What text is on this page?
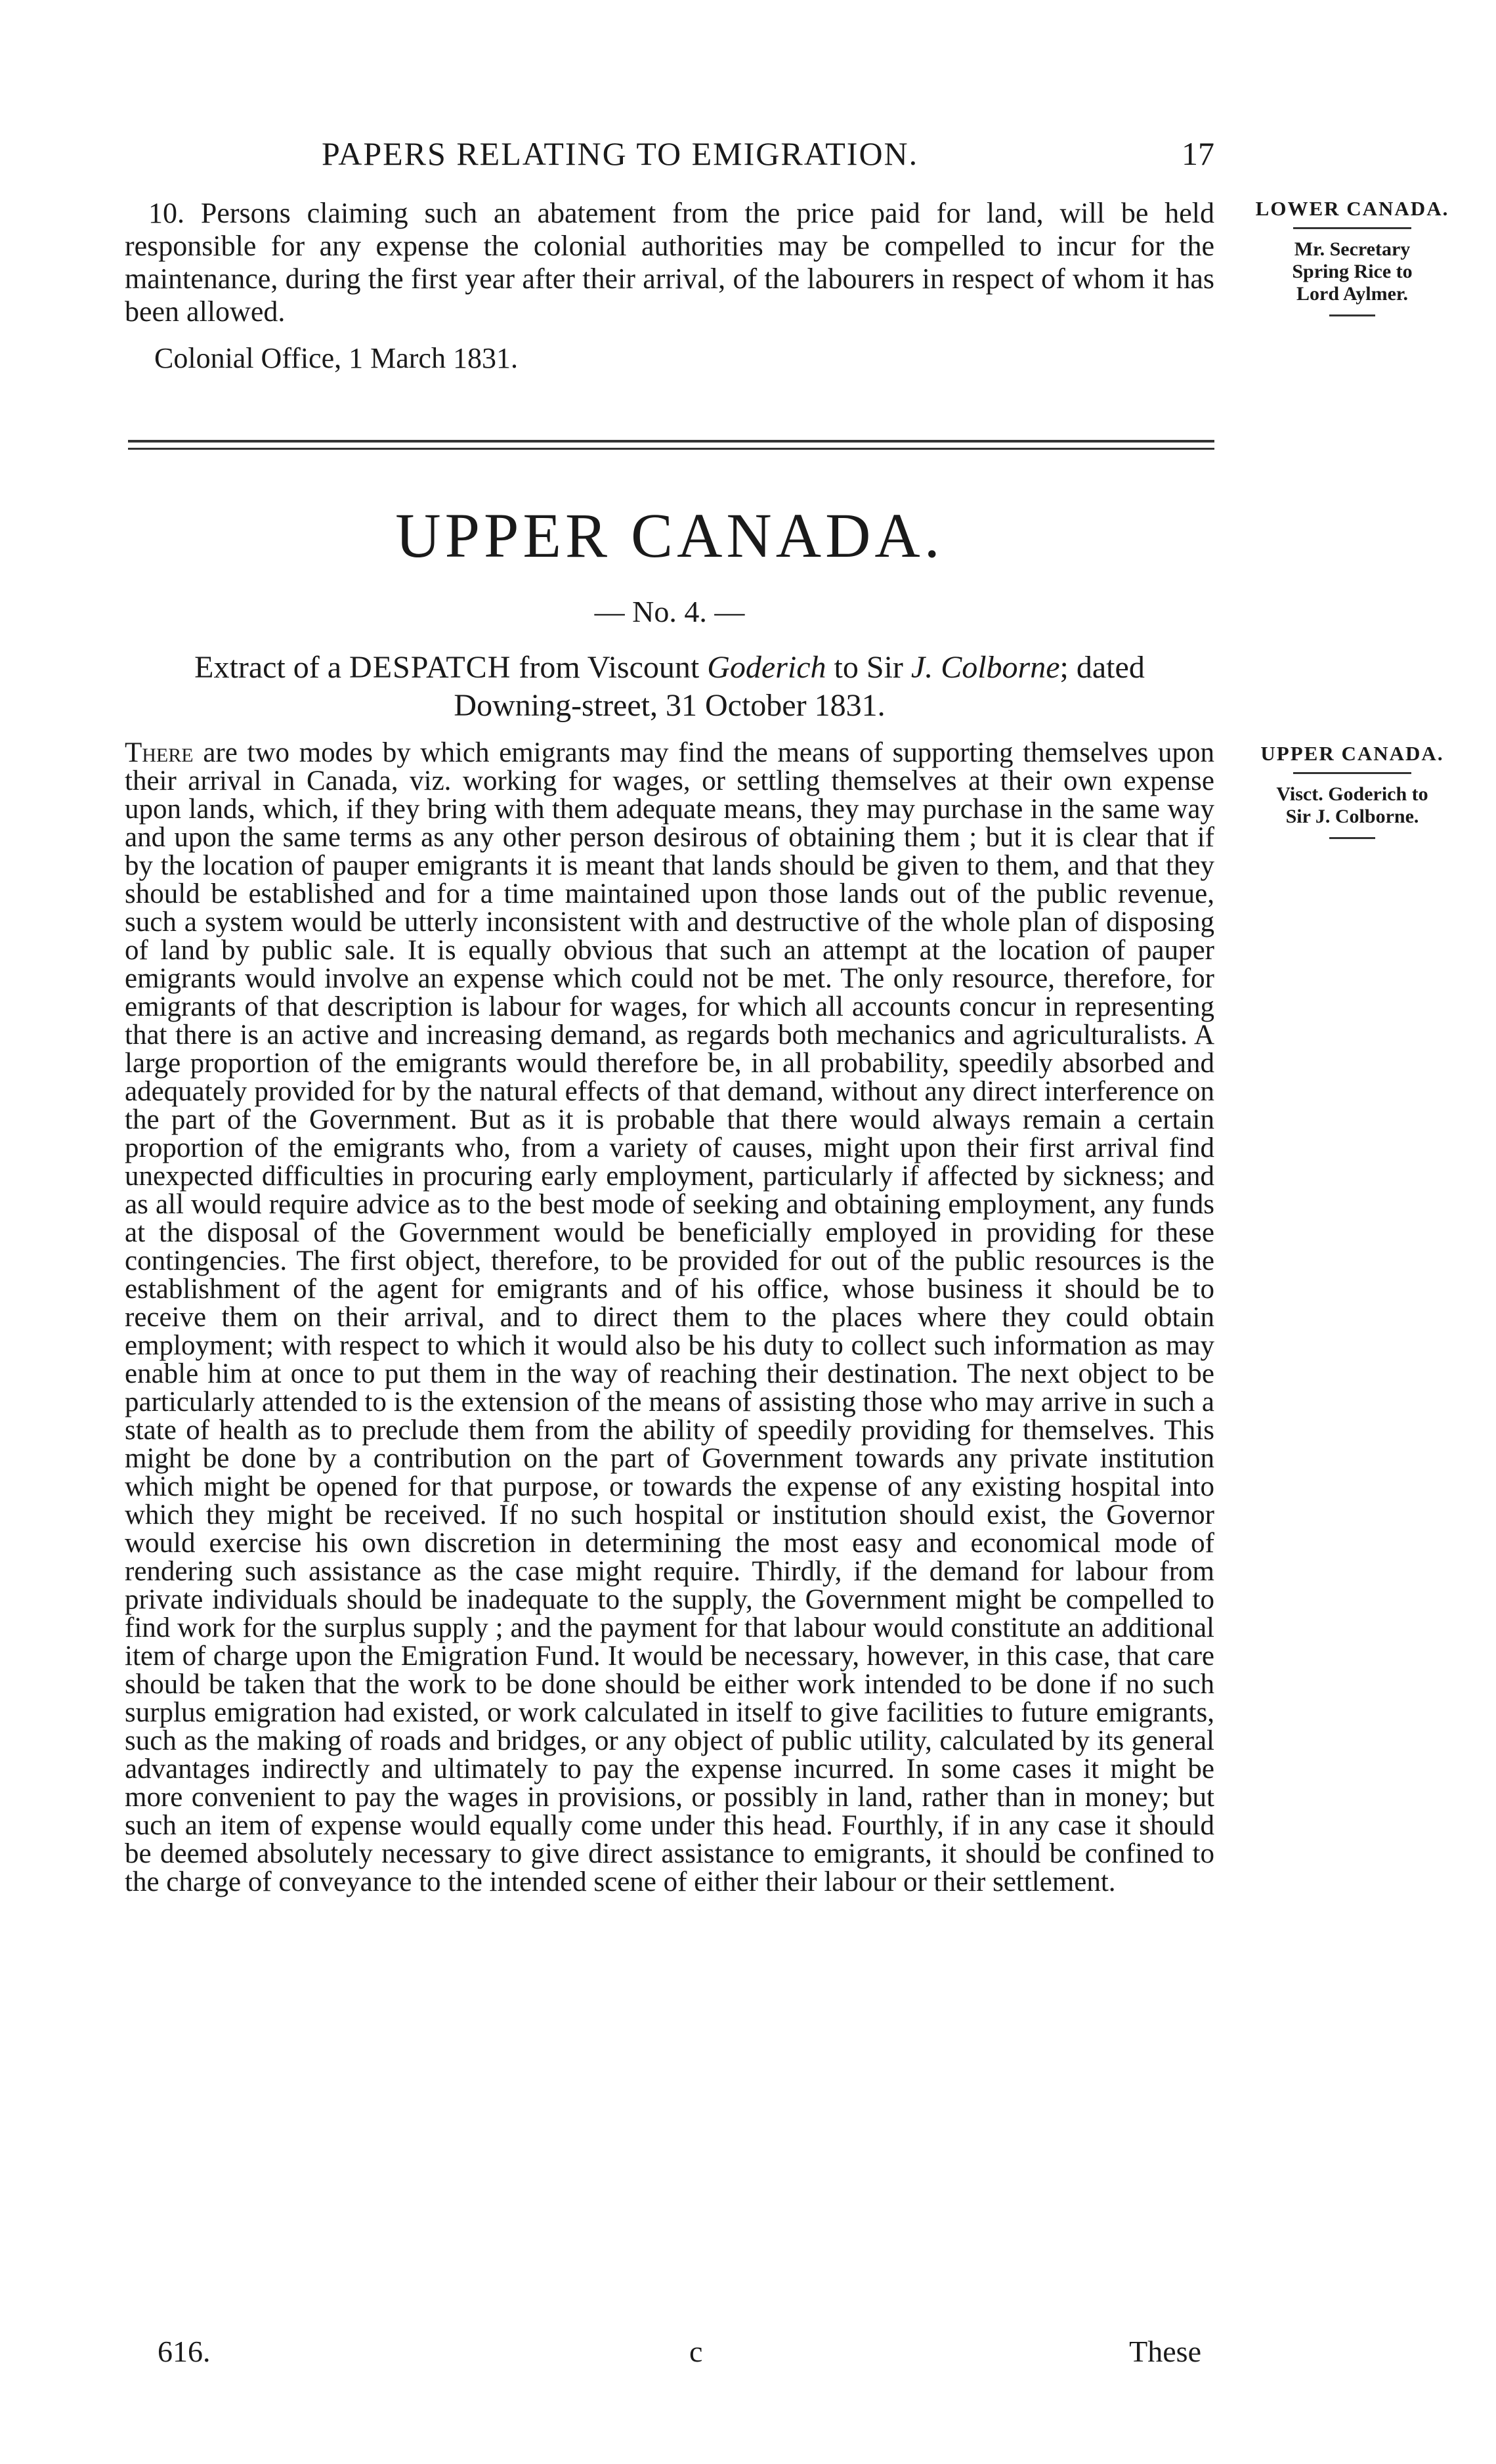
PAPERS RELATING TO EMIGRATION.	17

10. Persons claiming such an abatement from the price paid for land, will be held responsible for any expense the colonial authorities may be compelled to incur for the maintenance, during the first year after their arrival, of the labourers in respect of whom it has been allowed.

Colonial Office, 1 March 1831.
LOWER CANADA.
Mr. Secretary
Spring Rice to
Lord Aylmer.
UPPER CANADA.
— No. 4. —
Extract of a DESPATCH from Viscount Goderich to Sir J. Colborne; dated
Downing-street, 31 October 1831.
UPPER CANADA.
Visct. Goderich to
Sir J. Colborne.

There are two modes by which emigrants may find the means of supporting themselves upon their arrival in Canada, viz. working for wages, or settling themselves at their own expense upon lands, which, if they bring with them adequate means, they may purchase in the same way and upon the same terms as any other person desirous of obtaining them ; but it is clear that if by the location of pauper emigrants it is meant that lands should be given to them, and that they should be established and for a time maintained upon those lands out of the public revenue, such a system would be utterly inconsistent with and destructive of the whole plan of disposing of land by public sale. It is equally obvious that such an attempt at the location of pauper emigrants would involve an expense which could not be met. The only resource, therefore, for emigrants of that description is labour for wages, for which all accounts concur in representing that there is an active and increasing demand, as regards both mechanics and agriculturalists. A large proportion of the emigrants would therefore be, in all probability, speedily absorbed and adequately provided for by the natural effects of that demand, without any direct interference on the part of the Government. But as it is probable that there would always remain a certain proportion of the emigrants who, from a variety of causes, might upon their first arrival find unexpected difficulties in procuring early employment, particularly if affected by sickness; and as all would require advice as to the best mode of seeking and obtaining employment, any funds at the disposal of the Government would be beneficially employed in providing for these contingencies. The first object, therefore, to be provided for out of the public resources is the establishment of the agent for emigrants and of his office, whose business it should be to receive them on their arrival, and to direct them to the places where they could obtain employment; with respect to which it would also be his duty to collect such information as may enable him at once to put them in the way of reaching their destination. The next object to be particularly attended to is the extension of the means of assisting those who may arrive in such a state of health as to preclude them from the ability of speedily providing for themselves. This might be done by a contribution on the part of Government towards any private institution which might be opened for that purpose, or towards the expense of any existing hospital into which they might be received. If no such hospital or institution should exist, the Governor would exercise his own discretion in determining the most easy and economical mode of rendering such assistance as the case might require. Thirdly, if the demand for labour from private individuals should be inadequate to the supply, the Government might be compelled to find work for the surplus supply ; and the payment for that labour would constitute an additional item of charge upon the Emigration Fund. It would be necessary, however, in this case, that care should be taken that the work to be done should be either work intended to be done if no such surplus emigration had existed, or work calculated in itself to give facilities to future emigrants, such as the making of roads and bridges, or any object of public utility, calculated by its general advantages indirectly and ultimately to pay the expense incurred. In some cases it might be more convenient to pay the wages in provisions, or possibly in land, rather than in money; but such an item of expense would equally come under this head. Fourthly, if in any case it should be deemed absolutely necessary to give direct assistance to emigrants, it should be confined to the charge of conveyance to the intended scene of either their labour or their settlement.

616.	c	These
